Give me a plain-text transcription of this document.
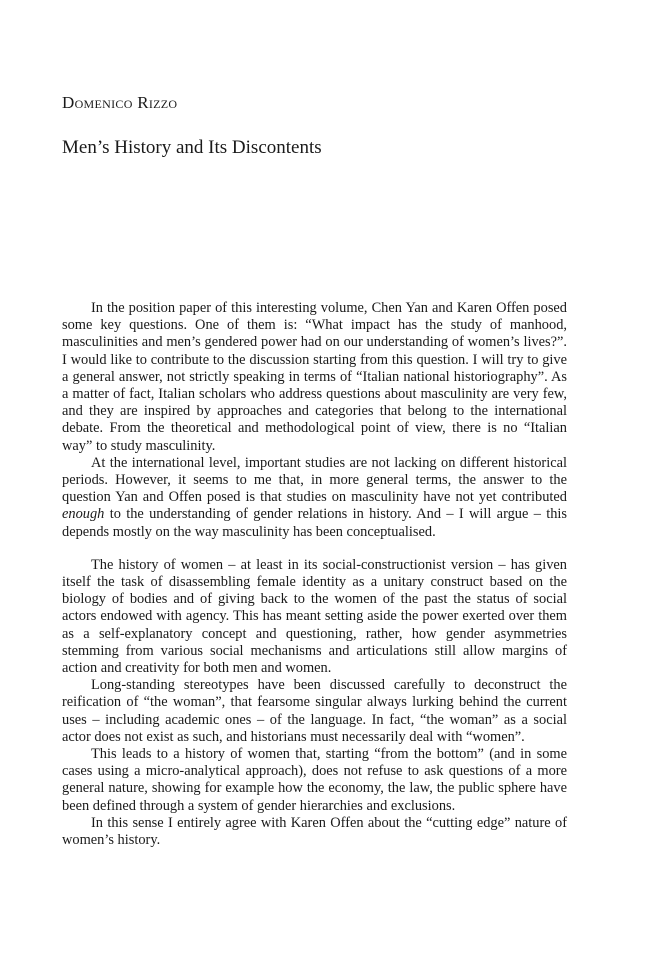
Domenico Rizzo
Men’s History and Its Discontents

In the position paper of this interesting volume, Chen Yan and Karen Offen posed some key questions. One of them is: “What impact has the study of manhood, masculinities and men’s gendered power had on our understanding of women’s lives?”. I would like to contribute to the discussion starting from this question. I will try to give a general answer, not strictly speaking in terms of “Italian national historiography”. As a matter of fact, Italian scholars who address questions about masculinity are very few, and they are inspired by approaches and categories that belong to the international debate. From the theoretical and methodological point of view, there is no “Italian way” to study masculinity.

At the international level, important studies are not lacking on different historical periods. However, it seems to me that, in more general terms, the answer to the question Yan and Offen posed is that studies on masculinity have not yet contributed enough to the understanding of gender relations in history. And – I will argue – this depends mostly on the way masculinity has been conceptualised.

The history of women – at least in its social-constructionist version – has given itself the task of disassembling female identity as a unitary construct based on the biology of bodies and of giving back to the women of the past the status of social actors endowed with agency. This has meant setting aside the power exerted over them as a self-explanatory concept and questioning, rather, how gender asymmetries stemming from various social mechanisms and articulations still allow margins of action and creativity for both men and women.

Long-standing stereotypes have been discussed carefully to deconstruct the reification of “the woman”, that fearsome singular always lurking behind the current uses – including academic ones – of the language. In fact, “the woman” as a social actor does not exist as such, and historians must necessarily deal with “women”.

This leads to a history of women that, starting “from the bottom” (and in some cases using a micro-analytical approach), does not refuse to ask questions of a more general nature, showing for example how the economy, the law, the public sphere have been defined through a system of gender hierarchies and exclusions.

In this sense I entirely agree with Karen Offen about the “cutting edge” nature of women’s history.
